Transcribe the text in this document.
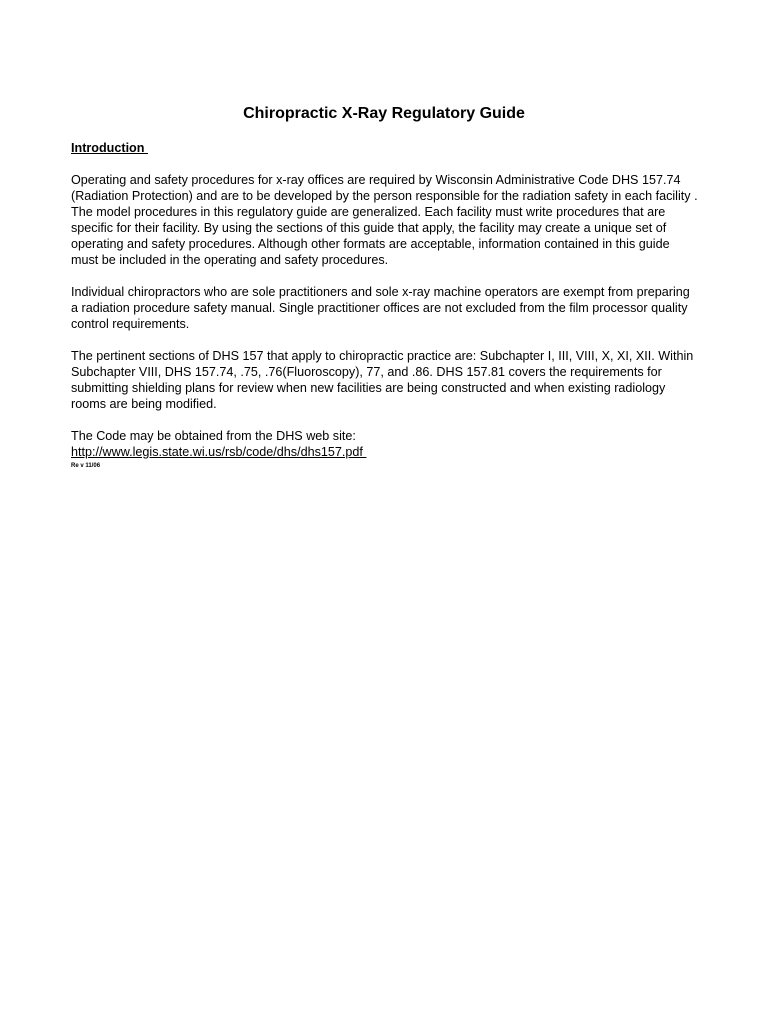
Chiropractic X-Ray Regulatory Guide

Introduction

Operating and safety procedures for x-ray offices are required by Wisconsin Administrative Code DHS 157.74 (Radiation Protection) and are to be developed by the person responsible for the radiation safety in each facility . The model procedures in this regulatory guide are generalized. Each facility must write procedures that are specific for their facility. By using the sections of this guide that apply, the facility may create a unique set of operating and safety procedures. Although other formats are acceptable, information contained in this guide must be included in the operating and safety procedures.

Individual chiropractors who are sole practitioners and sole x-ray machine operators are exempt from preparing a radiation procedure safety manual. Single practitioner offices are not excluded from the film processor quality control requirements.

The pertinent sections of DHS 157 that apply to chiropractic practice are: Subchapter I, III, VIII, X, XI, XII. Within Subchapter VIII, DHS 157.74, .75, .76(Fluoroscopy), 77, and .86. DHS 157.81 covers the requirements for submitting shielding plans for review when new facilities are being constructed and when existing radiology rooms are being modified.

The Code may be obtained from the DHS web site:

http://www.legis.state.wi.us/rsb/code/dhs/dhs157.pdf

Re v 11/06
